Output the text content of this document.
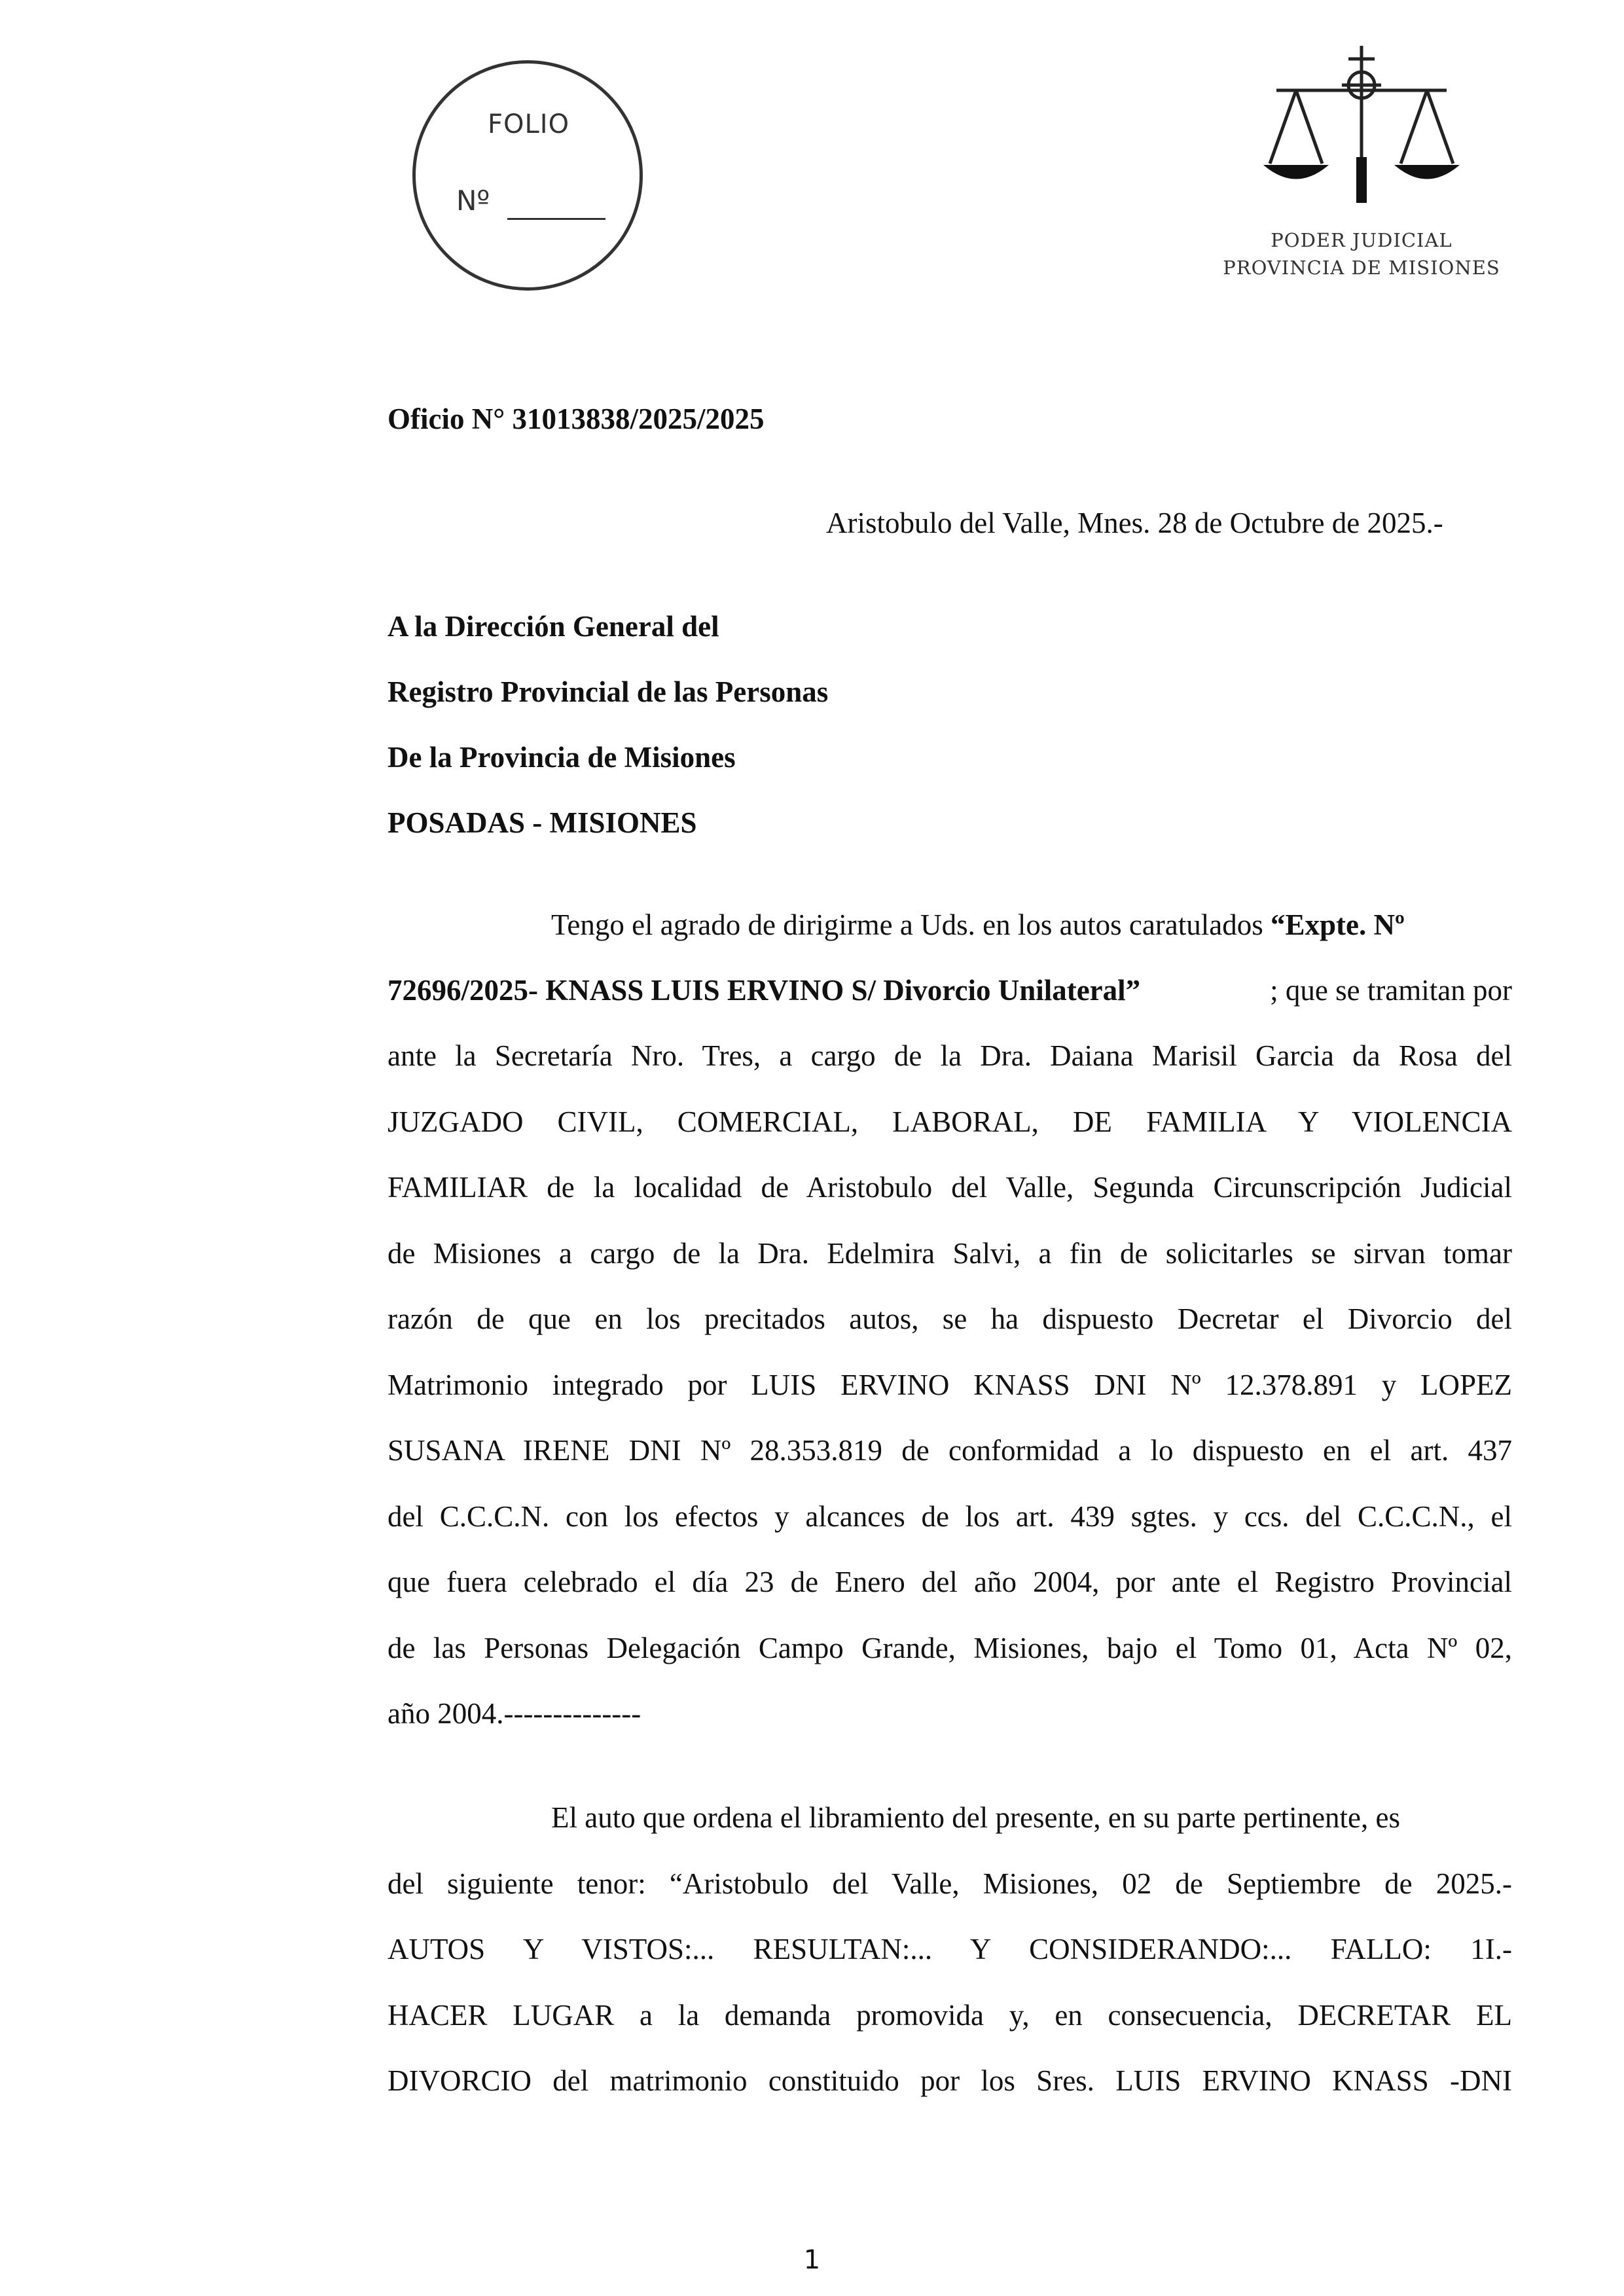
FOLIO
Nº
PODER JUDICIAL
PROVINCIA DE MISIONES
Oficio N° 31013838/2025/2025
Aristobulo del Valle, Mnes. 28 de Octubre de 2025.-
A la Dirección General del
Registro Provincial de las Personas
De la Provincia de Misiones
POSADAS - MISIONES
Tengo el agrado de dirigirme a Uds. en los autos caratulados “Expte. Nº
72696/2025- KNASS LUIS ERVINO S/ Divorcio Unilateral”	; que se tramitan por
ante la Secretaría Nro. Tres, a cargo de la Dra. Daiana Marisil Garcia da Rosa del
JUZGADO CIVIL, COMERCIAL, LABORAL, DE FAMILIA Y VIOLENCIA
FAMILIAR de la localidad de Aristobulo del Valle, Segunda Circunscripción Judicial
de Misiones a cargo de la Dra. Edelmira Salvi, a fin de solicitarles se sirvan tomar
razón de que en los precitados autos, se ha dispuesto Decretar el Divorcio del
Matrimonio integrado por LUIS ERVINO KNASS DNI Nº 12.378.891 y LOPEZ
SUSANA IRENE DNI Nº 28.353.819 de conformidad a lo dispuesto en el art. 437
del C.C.C.N. con los efectos y alcances de los art. 439 sgtes. y ccs. del C.C.C.N., el
que fuera celebrado el día 23 de Enero del año 2004, por ante el Registro Provincial
de las Personas Delegación Campo Grande, Misiones, bajo el Tomo 01, Acta Nº 02,
año 2004.--------------
El auto que ordena el libramiento del presente, en su parte pertinente, es
del siguiente tenor: “Aristobulo del Valle, Misiones, 02 de Septiembre de 2025.-
AUTOS Y VISTOS:... RESULTAN:... Y CONSIDERANDO:... FALLO: 1I.-
HACER LUGAR a la demanda promovida y, en consecuencia, DECRETAR EL
DIVORCIO del matrimonio constituido por los Sres. LUIS ERVINO KNASS -DNI
1
